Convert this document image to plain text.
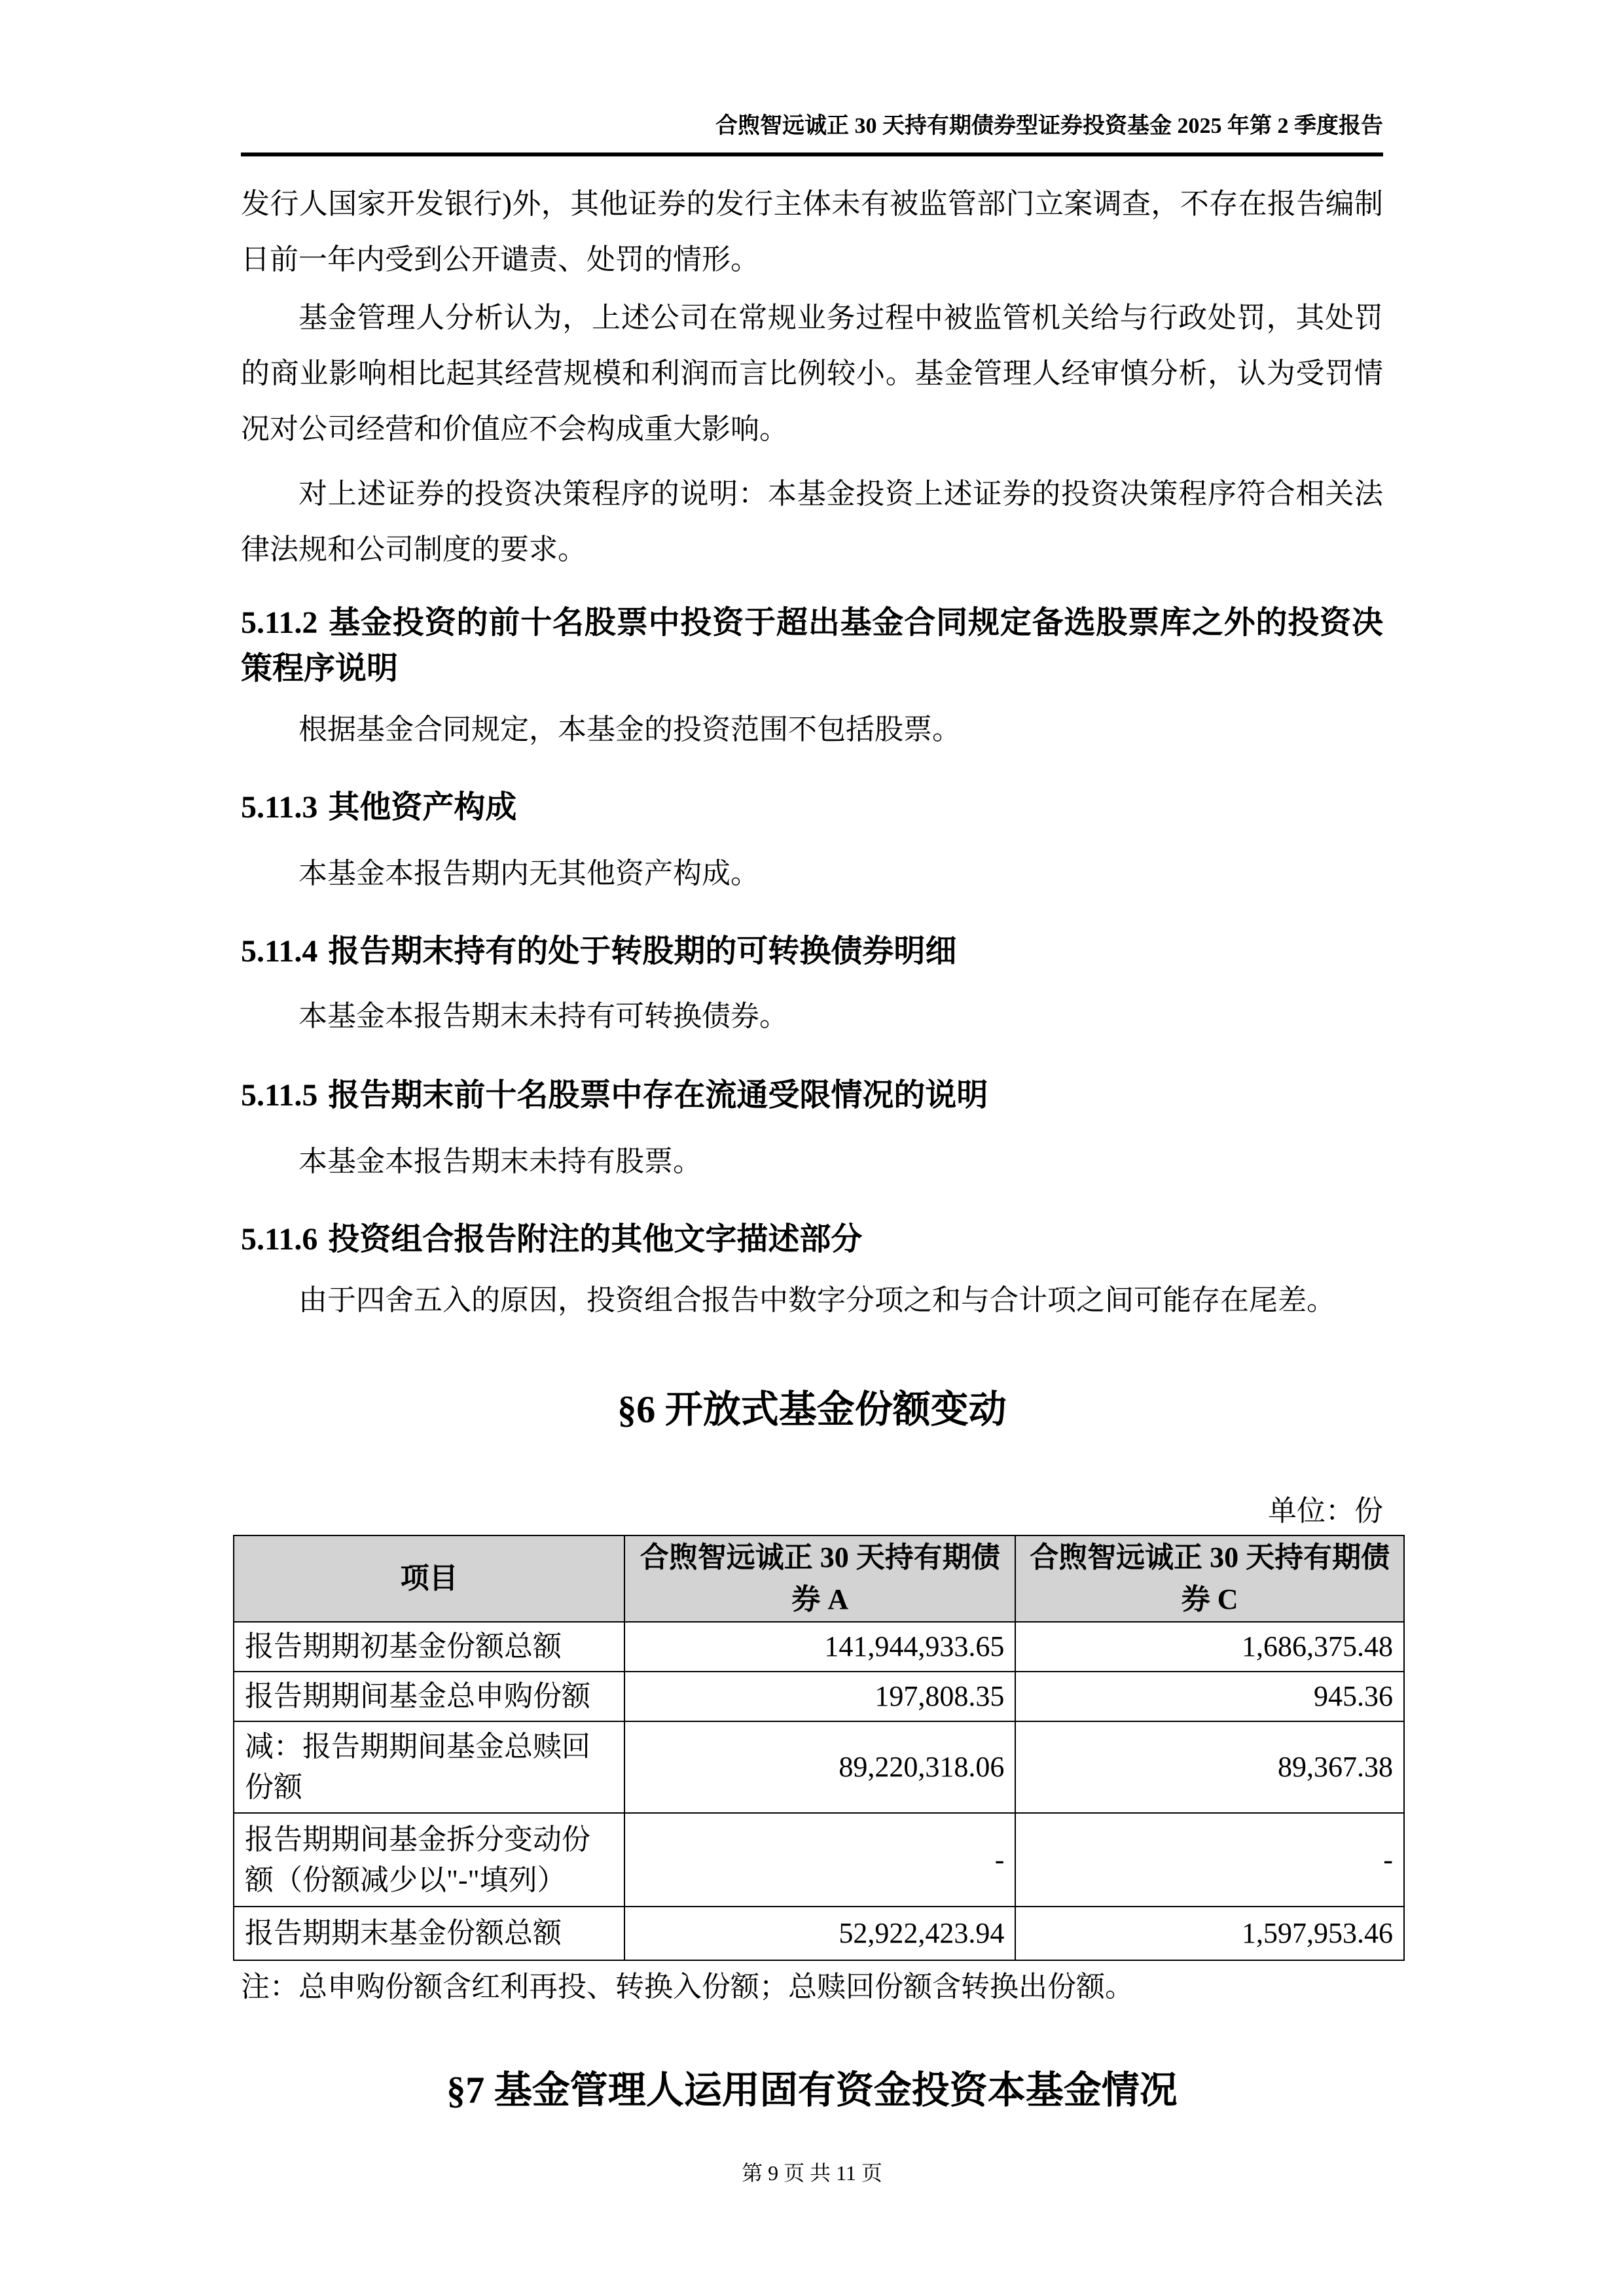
合煦智远诚正 30 天持有期债券型证券投资基金 2025 年第 2 季度报告

发行人国家开发银行)外，其他证券的发行主体未有被监管部门立案调查，不存在报告编制日前一年内受到公开谴责、处罚的情形。

基金管理人分析认为，上述公司在常规业务过程中被监管机关给与行政处罚，其处罚的商业影响相比起其经营规模和利润而言比例较小。基金管理人经审慎分析，认为受罚情况对公司经营和价值应不会构成重大影响。

对上述证券的投资决策程序的说明：本基金投资上述证券的投资决策程序符合相关法律法规和公司制度的要求。

5.11.2 基金投资的前十名股票中投资于超出基金合同规定备选股票库之外的投资决策程序说明

根据基金合同规定，本基金的投资范围不包括股票。

5.11.3 其他资产构成

本基金本报告期内无其他资产构成。

5.11.4 报告期末持有的处于转股期的可转换债券明细

本基金本报告期末未持有可转换债券。

5.11.5 报告期末前十名股票中存在流通受限情况的说明

本基金本报告期末未持有股票。

5.11.6 投资组合报告附注的其他文字描述部分

由于四舍五入的原因，投资组合报告中数字分项之和与合计项之间可能存在尾差。

§6 开放式基金份额变动

单位：份
项目	合煦智远诚正 30 天持有期债券 A	合煦智远诚正 30 天持有期债券 C
报告期期初基金份额总额	141,944,933.65	1,686,375.48
报告期期间基金总申购份额	197,808.35	945.36
减：报告期期间基金总赎回份额	89,220,318.06	89,367.38
报告期期间基金拆分变动份额（份额减少以"-"填列）	-	-
报告期期末基金份额总额	52,922,423.94	1,597,953.46

注：总申购份额含红利再投、转换入份额；总赎回份额含转换出份额。

§7 基金管理人运用固有资金投资本基金情况

第 9 页 共 11 页
